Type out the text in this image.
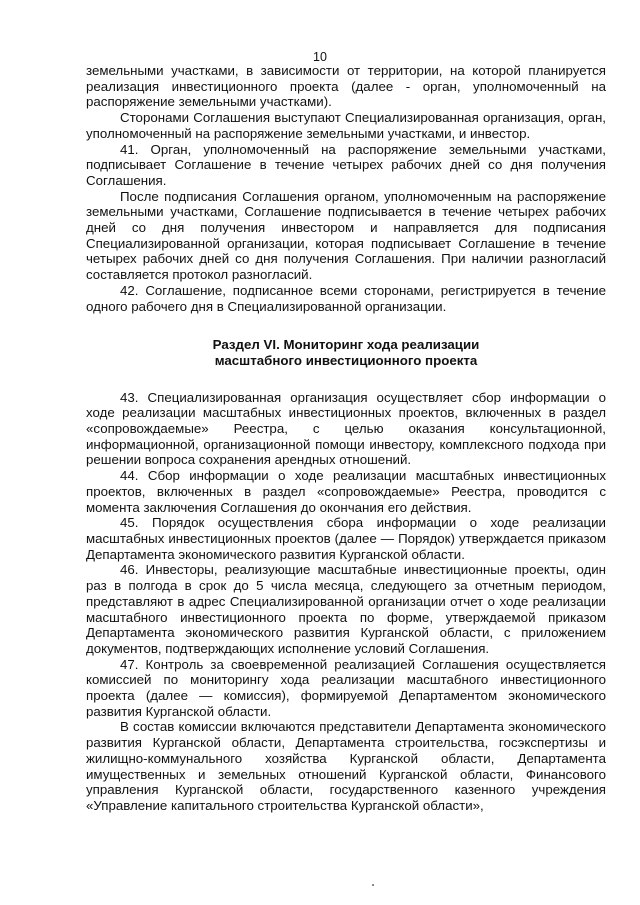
10

земельными участками, в зависимости от территории, на которой планируется реализация инвестиционного проекта (далее - орган, уполномоченный на распоряжение земельными участками).

Сторонами Соглашения выступают Специализированная организация, орган, уполномоченный на распоряжение земельными участками, и инвестор.

41. Орган, уполномоченный на распоряжение земельными участками, подписывает Соглашение в течение четырех рабочих дней со дня получения Соглашения.

После подписания Соглашения органом, уполномоченным на распоряжение земельными участками, Соглашение подписывается в течение четырех рабочих дней со дня получения инвестором и направляется для подписания Специализированной организации, которая подписывает Соглашение в течение четырех рабочих дней со дня получения Соглашения. При наличии разногласий составляется протокол разногласий.

42. Соглашение, подписанное всеми сторонами, регистрируется в течение одного рабочего дня в Специализированной организации.

Раздел VI. Мониторинг хода реализации
масштабного инвестиционного проекта

43. Специализированная организация осуществляет сбор информации о ходе реализации масштабных инвестиционных проектов, включенных в раздел «сопровождаемые» Реестра, с целью оказания консультационной, информационной, организационной помощи инвестору, комплексного подхода при решении вопроса сохранения арендных отношений.

44. Сбор информации о ходе реализации масштабных инвестиционных проектов, включенных в раздел «сопровождаемые» Реестра, проводится с момента заключения Соглашения до окончания его действия.

45. Порядок осуществления сбора информации о ходе реализации масштабных инвестиционных проектов (далее — Порядок) утверждается приказом Департамента экономического развития Курганской области.

46. Инвесторы, реализующие масштабные инвестиционные проекты, один раз в полгода в срок до 5 числа месяца, следующего за отчетным периодом, представляют в адрес Специализированной организации отчет о ходе реализации масштабного инвестиционного проекта по форме, утверждаемой приказом Департамента экономического развития Курганской области, с приложением документов, подтверждающих исполнение условий Соглашения.

47. Контроль за своевременной реализацией Соглашения осуществляется комиссией по мониторингу хода реализации масштабного инвестиционного проекта (далее — комиссия), формируемой Департаментом экономического развития Курганской области.

В состав комиссии включаются представители Департамента экономического развития Курганской области, Департамента строительства, госэкспертизы и жилищно-коммунального хозяйства Курганской области, Департамента имущественных и земельных отношений Курганской области, Финансового управления Курганской области, государственного казенного учреждения «Управление капитального строительства Курганской области»,
